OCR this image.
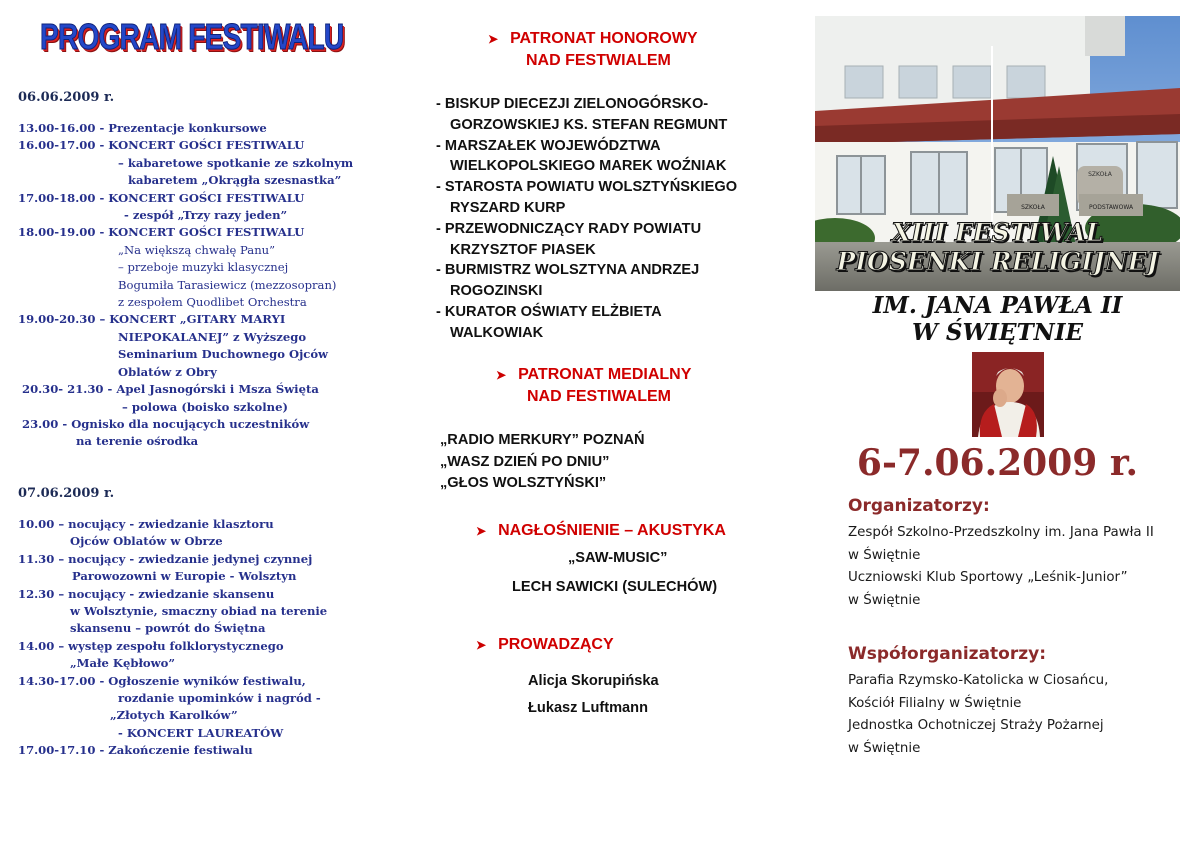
PROGRAM FESTIWALU
06.06.2009 r.
13.00-16.00 - Prezentacje konkursowe
16.00-17.00 - KONCERT GOŚCI FESTIWALU
– kabaretowe spotkanie ze szkolnym
kabaretem „Okrągła szesnastka”
17.00-18.00 - KONCERT GOŚCI FESTIWALU
- zespół „Trzy razy jeden”
18.00-19.00 - KONCERT GOŚCI FESTIWALU
„Na większą chwałę Panu”
– przeboje muzyki klasycznej
Bogumiła Tarasiewicz (mezzosopran)
z zespołem Quodlibet Orchestra
19.00-20.30 – KONCERT „GITARY MARYI
NIEPOKALANEJ” z Wyższego
Seminarium Duchownego Ojców
Oblatów z Obry
20.30- 21.30 - Apel Jasnogórski i Msza Święta
– polowa (boisko szkolne)
23.00 - Ognisko dla nocujących uczestników
na terenie ośrodka
07.06.2009 r.
10.00 – nocujący - zwiedzanie klasztoru
Ojców Oblatów w Obrze
11.30 – nocujący - zwiedzanie jedynej czynnej
Parowozowni w Europie - Wolsztyn
12.30 – nocujący - zwiedzanie skansenu
w Wolsztynie, smaczny obiad na terenie
skansenu – powrót do Świętna
14.00 – występ zespołu folklorystycznego
„Małe Kębłowo”
14.30-17.00 - Ogłoszenie wyników festiwalu,
rozdanie upominków i nagród -
„Złotych Karolków”
- KONCERT LAUREATÓW
17.00-17.10 - Zakończenie festiwalu
➤ PATRONAT HONOROWY
NAD FESTWIALEM
- BISKUP DIECEZJI ZIELONOGÓRSKO-
GORZOWSKIEJ KS. STEFAN REGMUNT
- MARSZAŁEK WOJEWÓDZTWA
WIELKOPOLSKIEGO MAREK WOŹNIAK
- STAROSTA POWIATU WOLSZTYŃSKIEGO
RYSZARD KURP
- PRZEWODNICZĄCY RADY POWIATU
KRZYSZTOF PIASEK
- BURMISTRZ WOLSZTYNA ANDRZEJ
ROGOZINSKI
- KURATOR OŚWIATY ELŻBIETA
WALKOWIAK
➤ PATRONAT MEDIALNY
NAD FESTIWALEM
„RADIO MERKURY” POZNAŃ
„WASZ DZIEŃ PO DNIU”
„GŁOS WOLSZTYŃSKI”
➤ NAGŁOŚNIENIE – AKUSTYKA
„SAW-MUSIC”
LECH SAWICKI (SULECHÓW)
➤ PROWADZĄCY
Alicja Skorupińska
Łukasz Luftmann
SZKOŁA
SZKOŁA	PODSTAWOWA
XIII FESTIWAL
PIOSENKI RELIGIJNEJ
IM. JANA PAWŁA II
W ŚWIĘTNIE
6-7.06.2009 r.
Organizatorzy:
Zespół Szkolno-Przedszkolny im. Jana Pawła II
w Świętnie
Uczniowski Klub Sportowy „Leśnik-Junior”
w Świętnie
Współorganizatorzy:
Parafia Rzymsko-Katolicka w Ciosańcu,
Kościół Filialny w Świętnie
Jednostka Ochotniczej Straży Pożarnej
w Świętnie
